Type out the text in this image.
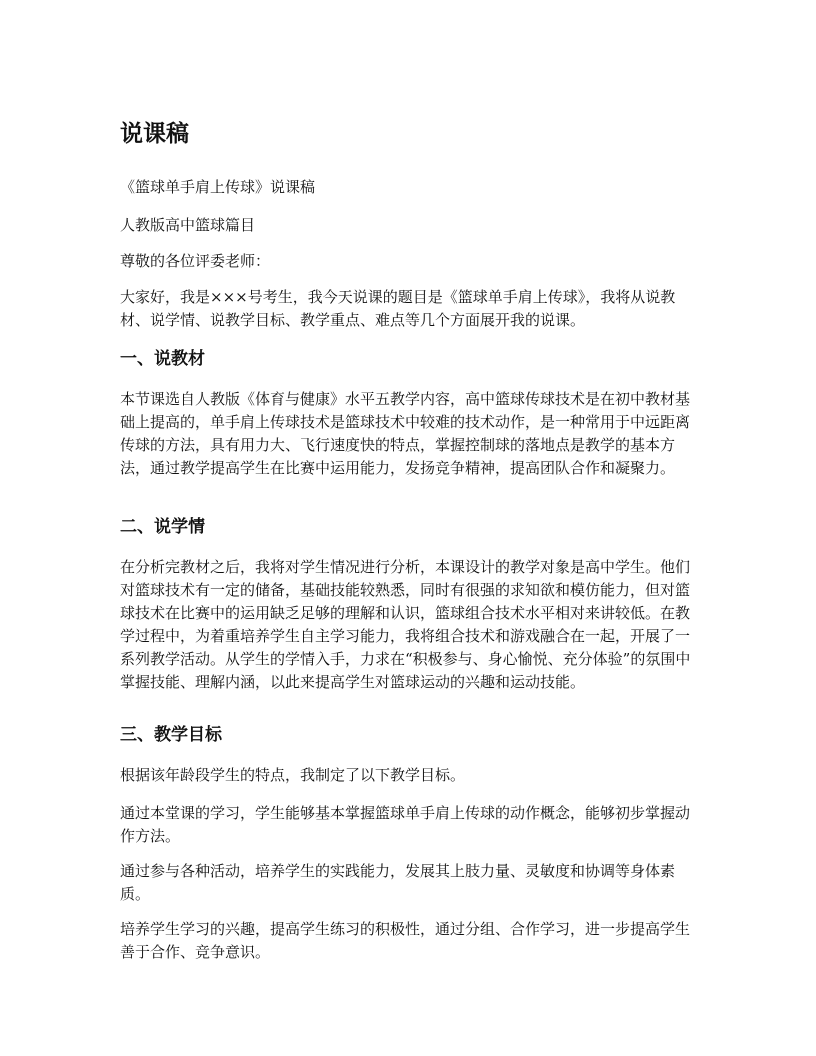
说课稿

《篮球单手肩上传球》说课稿

人教版高中篮球篇目

尊敬的各位评委老师：

大家好，我是×××号考生，我今天说课的题目是《篮球单手肩上传球》，我将从说教材、说学情、说教学目标、教学重点、难点等几个方面展开我的说课。

一、说教材

本节课选自人教版《体育与健康》水平五教学内容，高中篮球传球技术是在初中教材基础上提高的，单手肩上传球技术是篮球技术中较难的技术动作，是一种常用于中远距离传球的方法，具有用力大、飞行速度快的特点，掌握控制球的落地点是教学的基本方法，通过教学提高学生在比赛中运用能力，发扬竞争精神，提高团队合作和凝聚力。

二、说学情

在分析完教材之后，我将对学生情况进行分析，本课设计的教学对象是高中学生。他们对篮球技术有一定的储备，基础技能较熟悉，同时有很强的求知欲和模仿能力，但对篮球技术在比赛中的运用缺乏足够的理解和认识，篮球组合技术水平相对来讲较低。在教学过程中，为着重培养学生自主学习能力，我将组合技术和游戏融合在一起，开展了一系列教学活动。从学生的学情入手，力求在“积极参与、身心愉悦、充分体验”的氛围中掌握技能、理解内涵，以此来提高学生对篮球运动的兴趣和运动技能。

三、教学目标

根据该年龄段学生的特点，我制定了以下教学目标。

通过本堂课的学习，学生能够基本掌握篮球单手肩上传球的动作概念，能够初步掌握动作方法。

通过参与各种活动，培养学生的实践能力，发展其上肢力量、灵敏度和协调等身体素质。

培养学生学习的兴趣，提高学生练习的积极性，通过分组、合作学习，进一步提高学生善于合作、竞争意识。
